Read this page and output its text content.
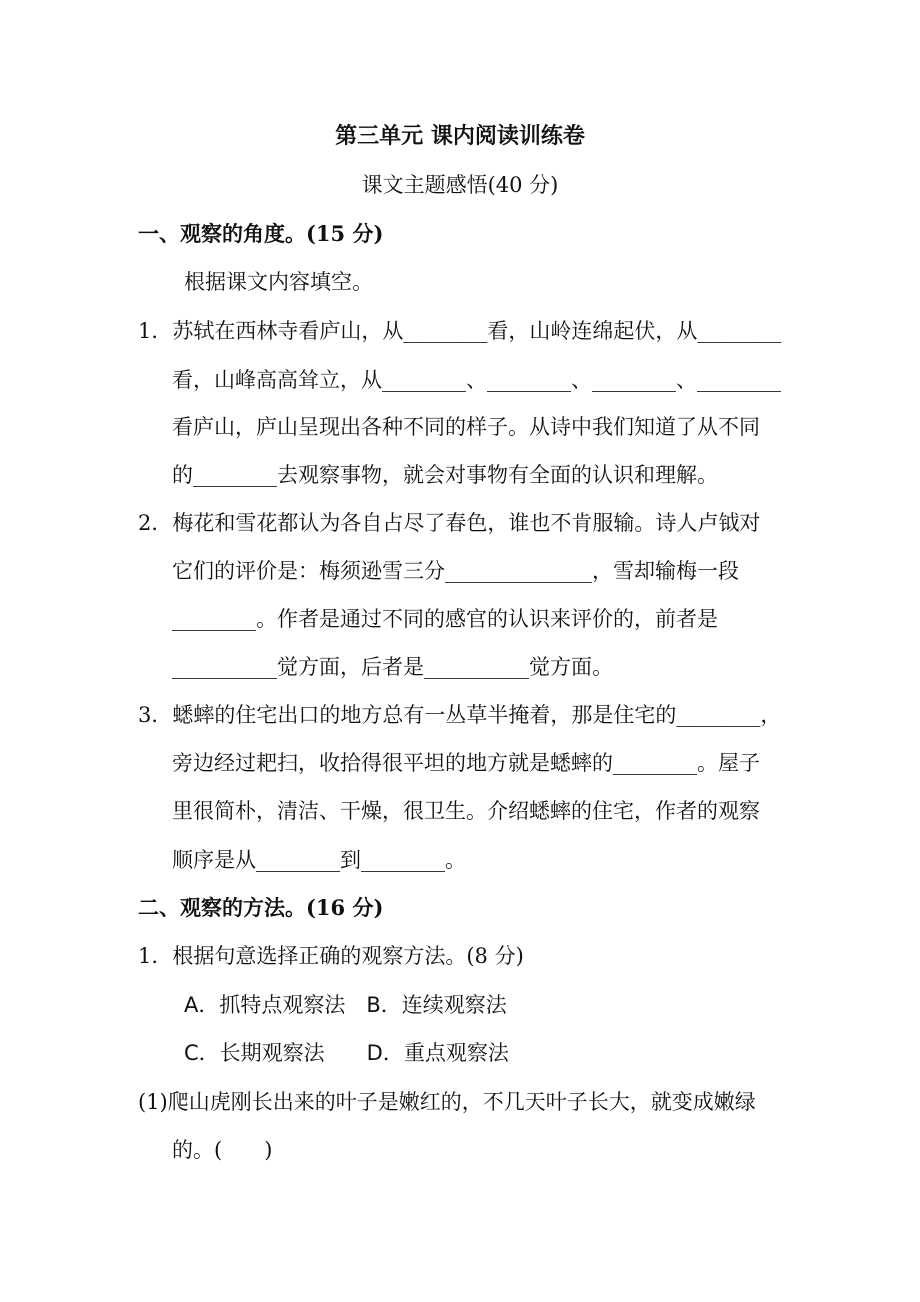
第三单元 课内阅读训练卷
课文主题感悟(40 分)
一、观察的角度。(15 分)
根据课文内容填空。
1．苏轼在西林寺看庐山，从________看，山岭连绵起伏，从________
看，山峰高高耸立，从________、________、________、________
看庐山，庐山呈现出各种不同的样子。从诗中我们知道了从不同
的________去观察事物，就会对事物有全面的认识和理解。
2．梅花和雪花都认为各自占尽了春色，谁也不肯服输。诗人卢钺对
它们的评价是：梅须逊雪三分______________，雪却输梅一段
________。作者是通过不同的感官的认识来评价的，前者是
__________觉方面，后者是__________觉方面。
3．蟋蟀的住宅出口的地方总有一丛草半掩着，那是住宅的________，
旁边经过耙扫，收拾得很平坦的地方就是蟋蟀的________。屋子
里很简朴，清洁、干燥，很卫生。介绍蟋蟀的住宅，作者的观察
顺序是从________到________。
二、观察的方法。(16 分)
1．根据句意选择正确的观察方法。(8 分)
A．抓特点观察法　B．连续观察法
C．长期观察法　　D．重点观察法
(1)爬山虎刚长出来的叶子是嫩红的，不几天叶子长大，就变成嫩绿
的。(　　)
